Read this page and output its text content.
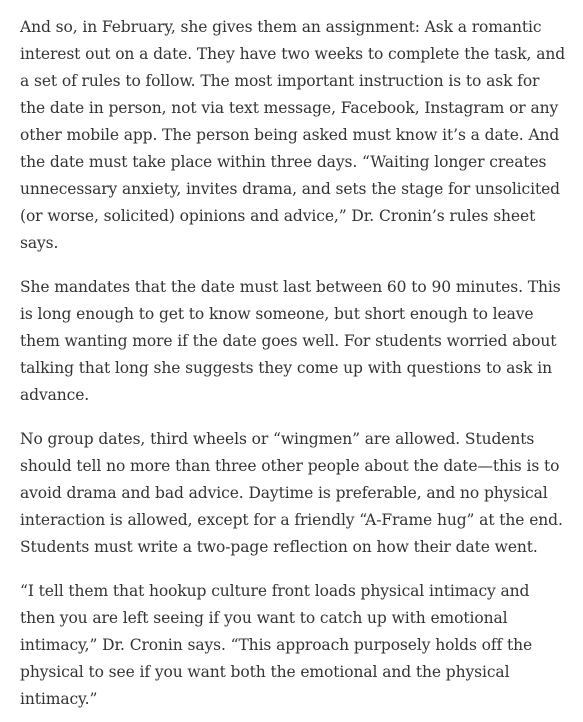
And so, in February, she gives them an assignment: Ask a romantic interest out on a date. They have two weeks to complete the task, and a set of rules to follow. The most important instruction is to ask for the date in person, not via text message, Facebook, Instagram or any other mobile app. The person being asked must know it’s a date. And the date must take place within three days. “Waiting longer creates unnecessary anxiety, invites drama, and sets the stage for unsolicited (or worse, solicited) opinions and advice,” Dr. Cronin’s rules sheet says.

She mandates that the date must last between 60 to 90 minutes. This is long enough to get to know someone, but short enough to leave them wanting more if the date goes well. For students worried about talking that long she suggests they come up with questions to ask in advance.

No group dates, third wheels or “wingmen” are allowed. Students should tell no more than three other people about the date—this is to avoid drama and bad advice. Daytime is preferable, and no physical interaction is allowed, except for a friendly “A-Frame hug” at the end. Students must write a two-page reflection on how their date went.

“I tell them that hookup culture front loads physical intimacy and then you are left seeing if you want to catch up with emotional intimacy,” Dr. Cronin says. “This approach purposely holds off the physical to see if you want both the emotional and the physical intimacy.”
